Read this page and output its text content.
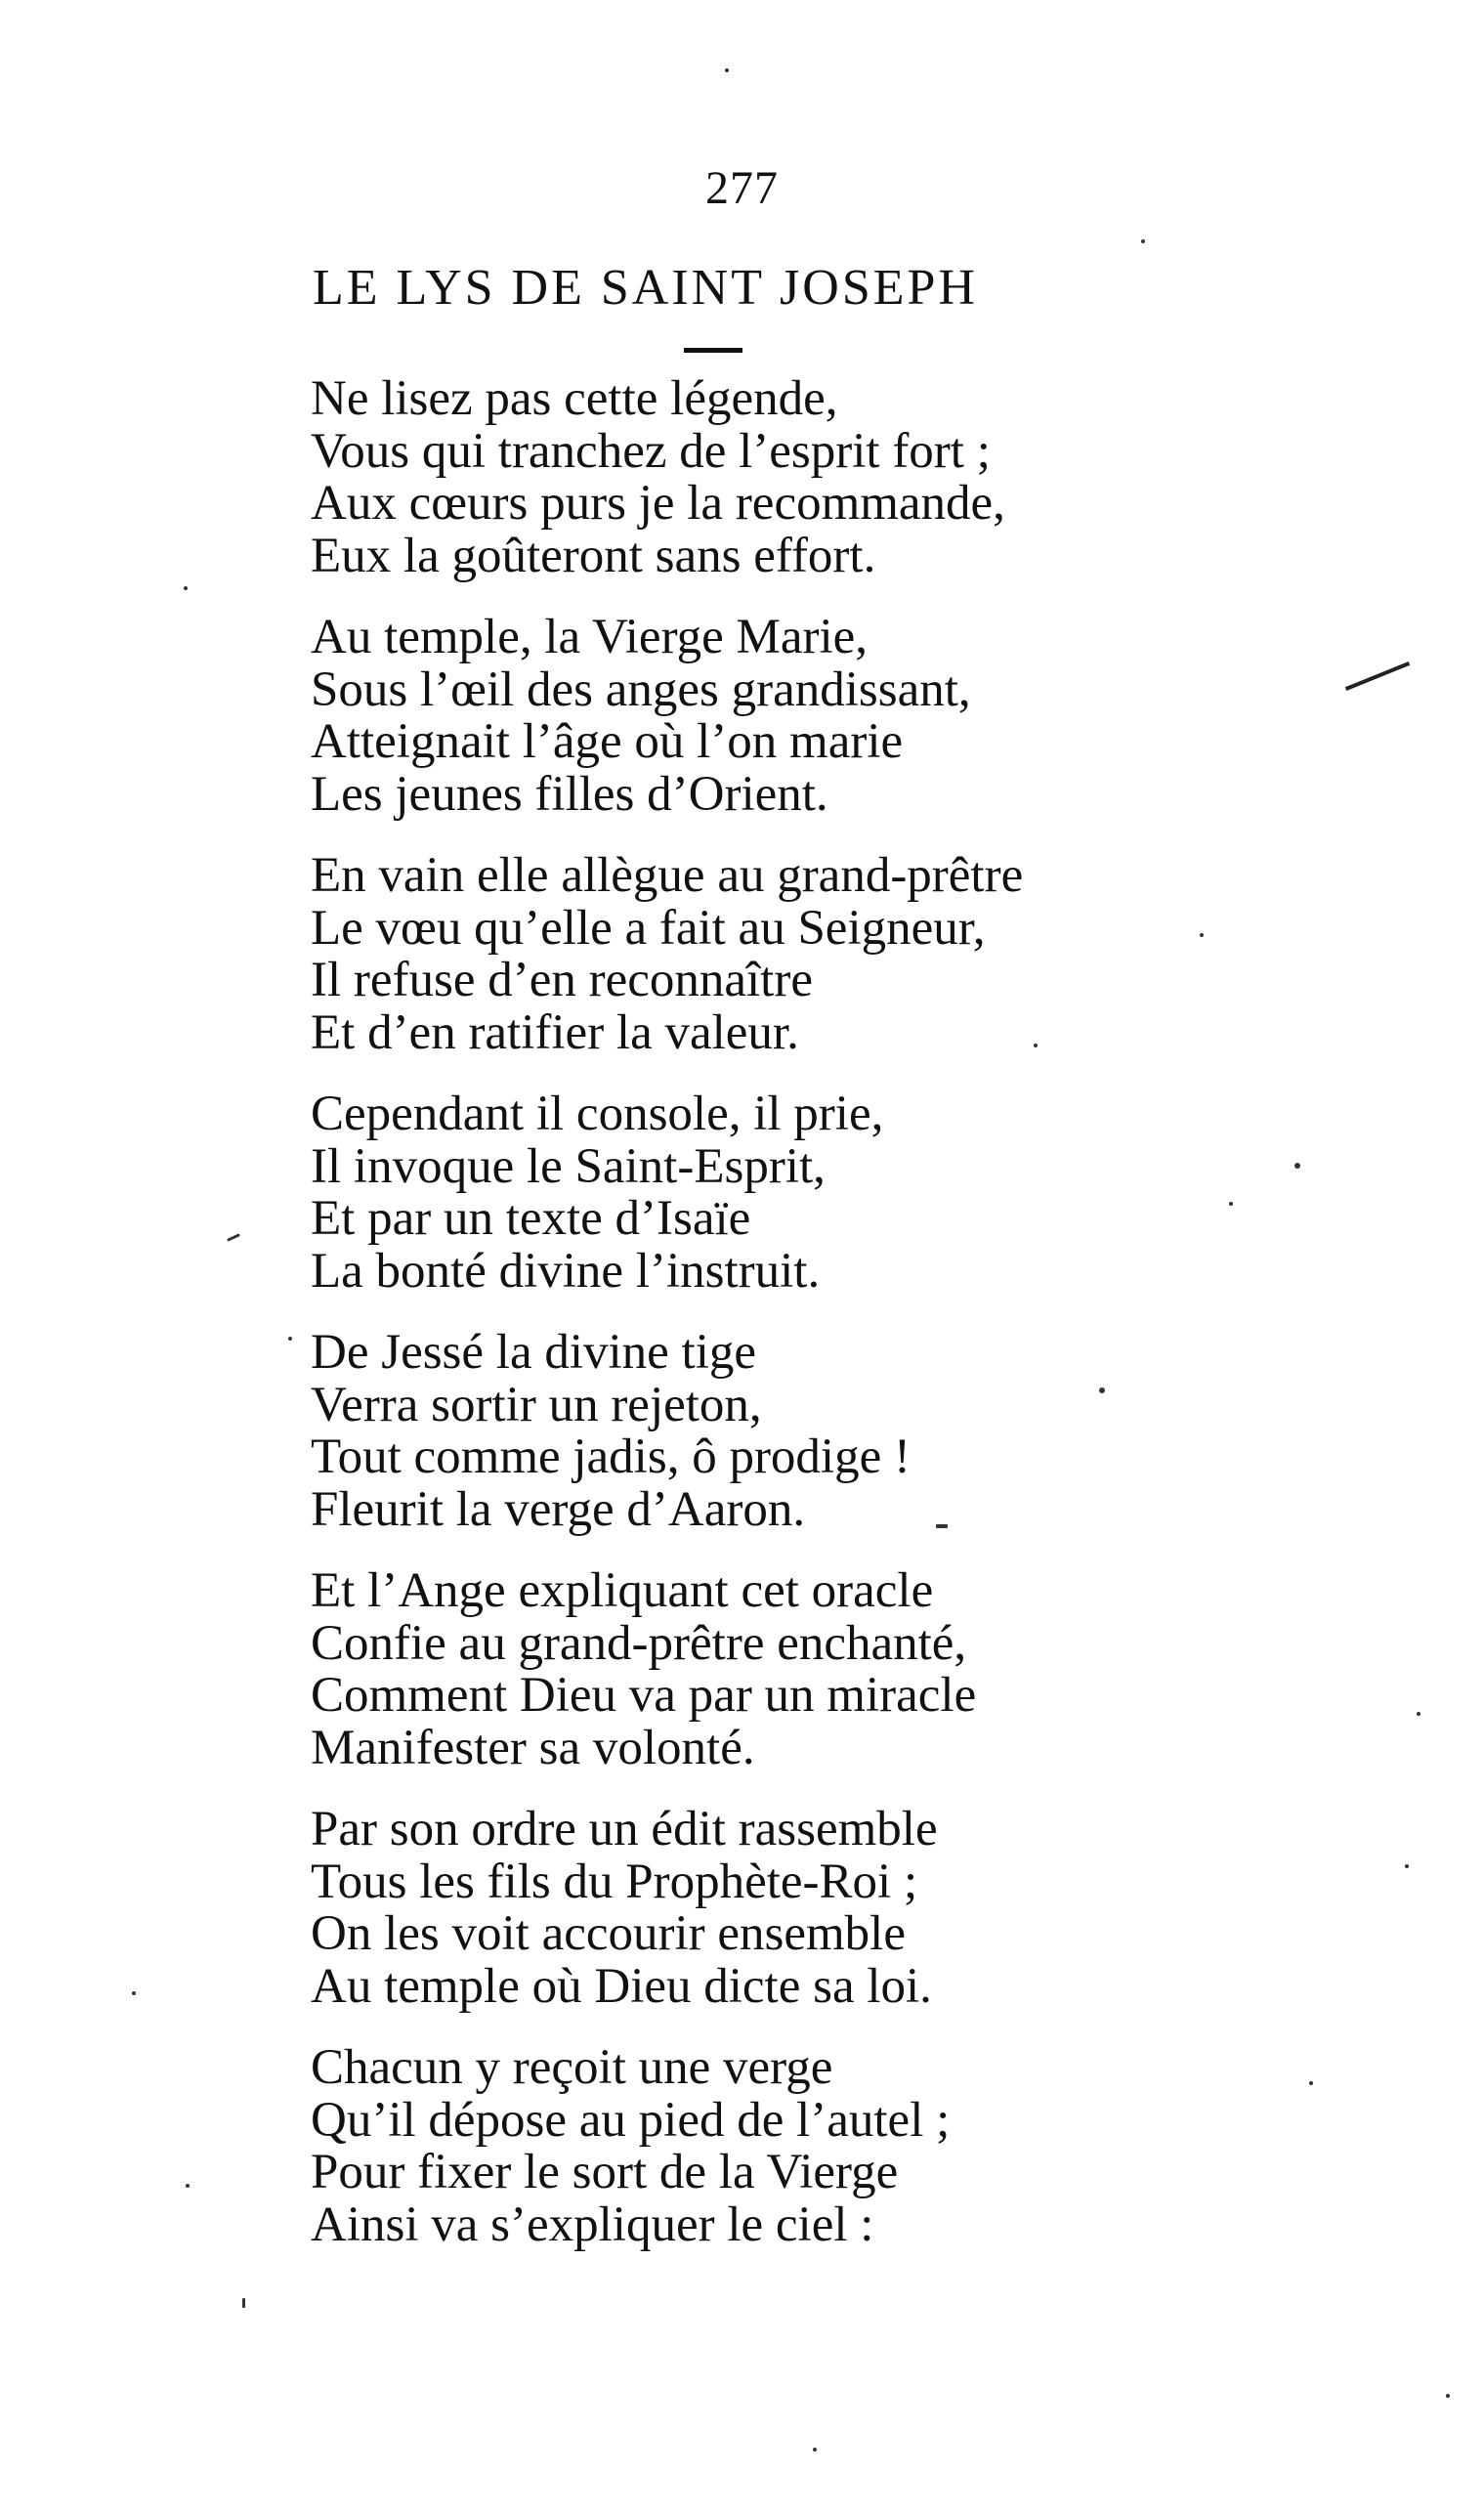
277
LE LYS DE SAINT JOSEPH
Ne lisez pas cette légende,
Vous qui tranchez de l’esprit fort ;
Aux cœurs purs je la recommande,
Eux la goûteront sans effort.
Au temple, la Vierge Marie,
Sous l’œil des anges grandissant,
Atteignait l’âge où l’on marie
Les jeunes filles d’Orient.
En vain elle allègue au grand-prêtre
Le vœu qu’elle a fait au Seigneur,
Il refuse d’en reconnaître
Et d’en ratifier la valeur.
Cependant il console, il prie,
Il invoque le Saint-Esprit,
Et par un texte d’Isaïe
La bonté divine l’instruit.
De Jessé la divine tige
Verra sortir un rejeton,
Tout comme jadis, ô prodige !
Fleurit la verge d’Aaron.
Et l’Ange expliquant cet oracle
Confie au grand-prêtre enchanté,
Comment Dieu va par un miracle
Manifester sa volonté.
Par son ordre un édit rassemble
Tous les fils du Prophète-Roi ;
On les voit accourir ensemble
Au temple où Dieu dicte sa loi.
Chacun y reçoit une verge
Qu’il dépose au pied de l’autel ;
Pour fixer le sort de la Vierge
Ainsi va s’expliquer le ciel :
